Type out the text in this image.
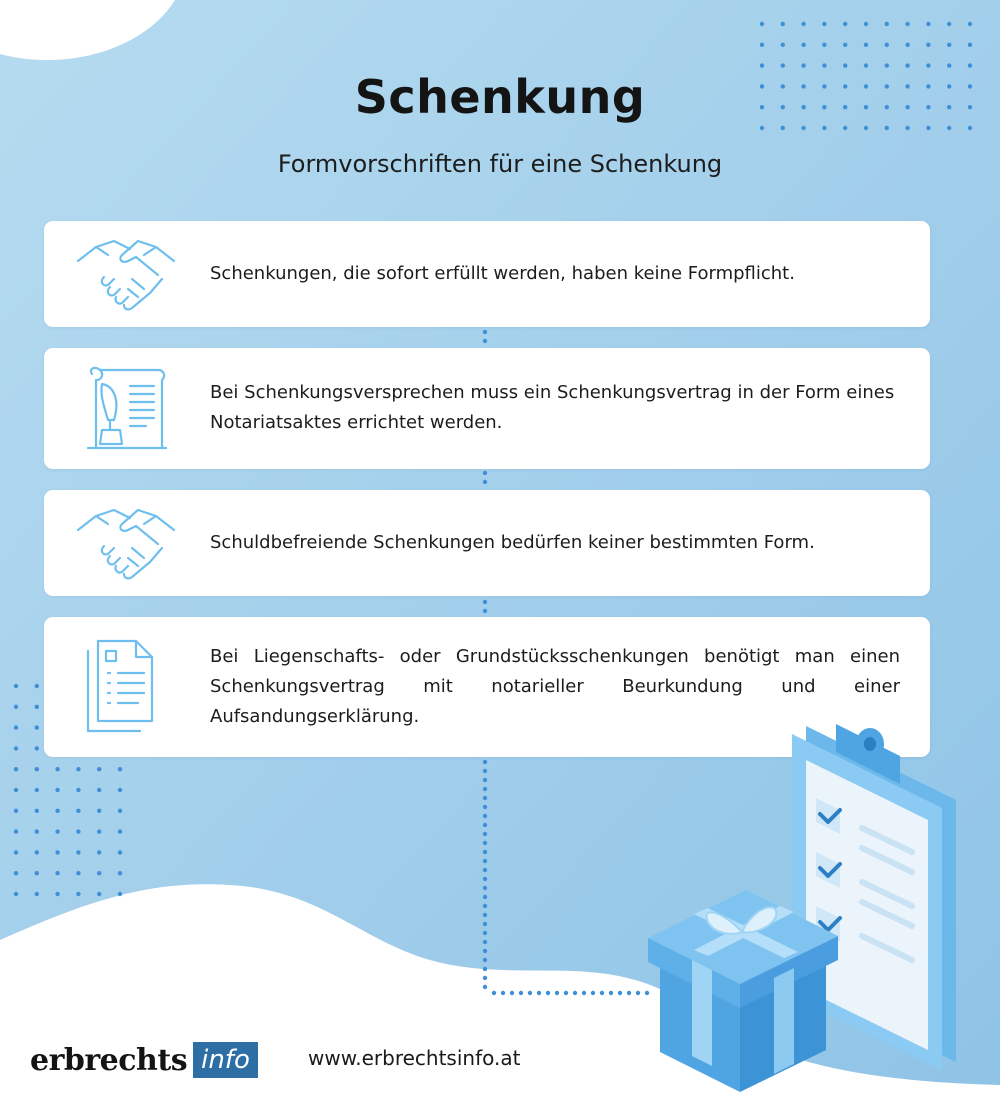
Schenkung
Formvorschriften für eine Schenkung
Schenkungen, die sofort erfüllt werden, haben keine Formpflicht.
Bei Schenkungsversprechen muss ein Schenkungsvertrag in der Form eines Notariatsaktes errichtet werden.
Schuldbefreiende Schenkungen bedürfen keiner bestimmten Form.
Bei Liegenschafts- oder Grundstücksschenkungen benötigt man einen Schenkungsvertrag mit notarieller Beurkundung und einer Aufsandungserklärung.
erbrechts info	www.erbrechtsinfo.at
